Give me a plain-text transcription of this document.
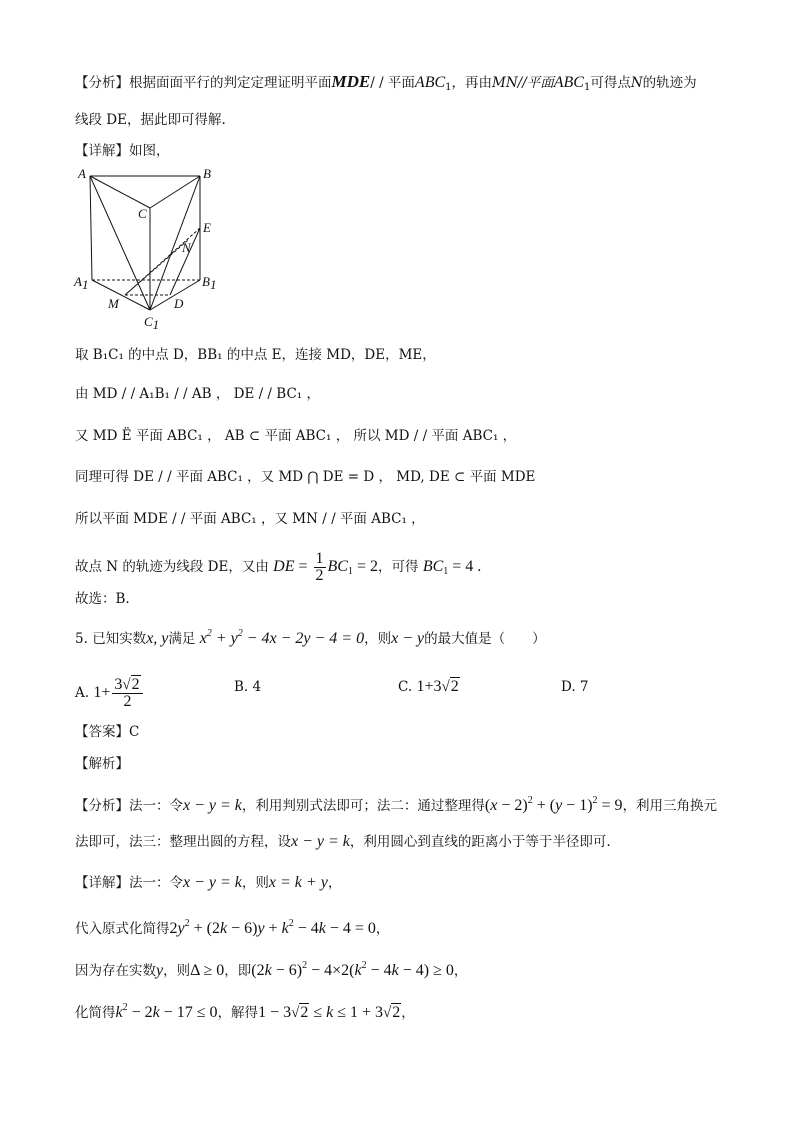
【分析】根据面面平行的判定定理证明平面MDE/ / 平面$ABC_1$，再由MN//平面$ABC_1$可得点N的轨迹为
线段 DE，据此即可得解.
【详解】如图，
A	B
C
E
N
A1	B1
M	D
C1
取 B₁C₁ 的中点 D，BB₁ 的中点 E，连接 MD，DE，ME，
由 MD / / A₁B₁ / / AB ， DE / / BC₁ ，
又 MD Ë 平面 ABC₁ ， AB ⊂ 平面 ABC₁ ， 所以 MD / / 平面 ABC₁ ，
同理可得 DE / / 平面 ABC₁ ，又 MD ⋂ DE = D ， MD, DE ⊂ 平面 MDE
所以平面 MDE / / 平面 ABC₁ ，又 MN / / 平面 ABC₁ ，
故点 N 的轨迹为线段 DE，又由 DE = $\frac{1}{2} BC_1 = 2$，可得 $BC_1 = 4$ .
故选：B.
5. 已知实数x, y满足 $x^2 + y^2 - 4x - 2y - 4 = 0$，则x − y的最大值是（　　）
A. $1+ \frac{3√2}{2}$	B. 4	C. 1+3√2	D. 7
【答案】C
【解析】
【分析】法一：令x − y = k，利用判别式法即可；法二：通过整理得$(x - 2)^2 + (y - 1)^2 = 9$，利用三角换元
法即可，法三：整理出圆的方程，设x − y = k，利用圆心到直线的距离小于等于半径即可.
【详解】法一：令x − y = k，则x = k + y，
代入原式化简得$2y^2 + (2k - 6)y + k^2 - 4k - 4 = 0$，
因为存在实数y，则Δ ≥ 0，即$(2k - 6)^2 - 4\times 2(k^2 - 4k - 4) \ge 0$，
化简得$k^2 - 2k - 17 \le 0$，解得1 − 3√2 ≤ k ≤ 1 + 3√2，
